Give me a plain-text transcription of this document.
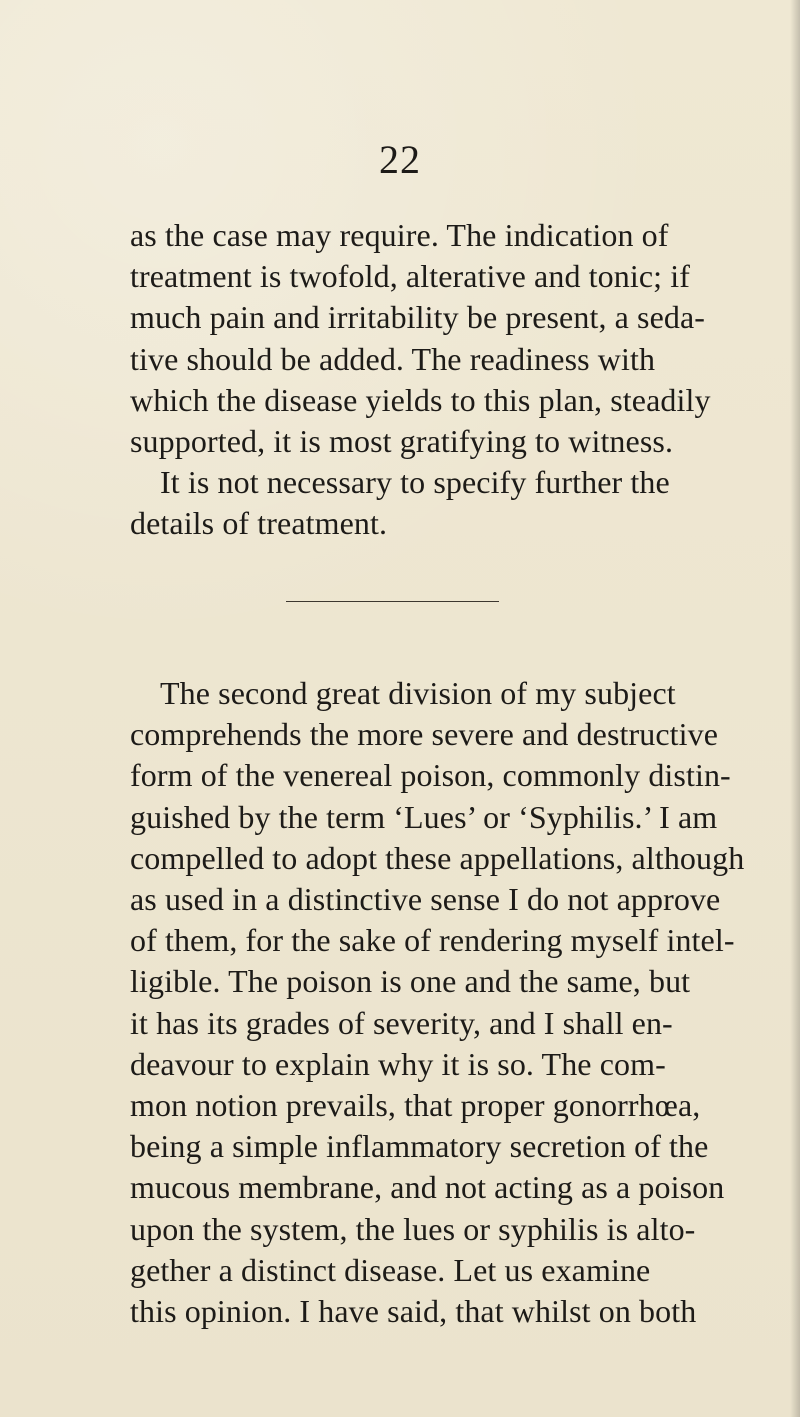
22
as the case may require. The indication of
treatment is twofold, alterative and tonic; if
much pain and irritability be present, a seda-
tive should be added. The readiness with
which the disease yields to this plan, steadily
supported, it is most gratifying to witness.
It is not necessary to specify further the
details of treatment.
The second great division of my subject
comprehends the more severe and destructive
form of the venereal poison, commonly distin-
guished by the term ‘Lues’ or ‘Syphilis.’ I am
compelled to adopt these appellations, although
as used in a distinctive sense I do not approve
of them, for the sake of rendering myself intel-
ligible. The poison is one and the same, but
it has its grades of severity, and I shall en-
deavour to explain why it is so. The com-
mon notion prevails, that proper gonorrhœa,
being a simple inflammatory secretion of the
mucous membrane, and not acting as a poison
upon the system, the lues or syphilis is alto-
gether a distinct disease. Let us examine
this opinion. I have said, that whilst on both
